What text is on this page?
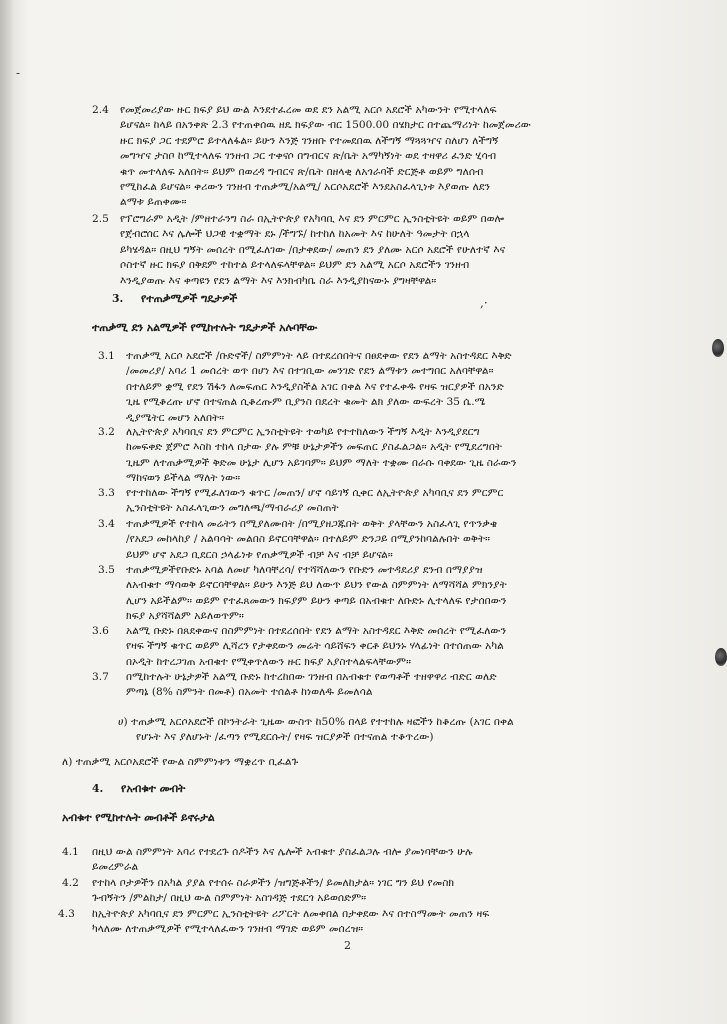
-
,·
2.4 የመጀመሪያው ዙር ክፍያ ይህ ውል እንደተፈረመ ወደ ደን አልሚ አርሶ አደሮች አካውንት የሚተላለፍ
ይሆናል። ከላይ በአንቀጽ 2.3 የተጠቀሰዉ ዘዴ ክፍያው ብር 1500.00 በሄክታር በተጨማሪነት ከመጀመሪው
ዙር ክፍያ ጋር ተደምሮ ይተላለፋል። ይሁን እንጅ ገንዘቡ የተመደበዉ ለችግኝ ማጓጓዣና ስለሆነ ለችግኝ
መግዣና ታስቦ ከሚተላለፍ ገንዘብ ጋር ተቀናሶ በግብርና ጽ/ቤት አማካኝነት ወደ ተዛዋሪ ፈንድ ሂሳብ
ቁጥ መተላለፍ አለበት። ይህም በወረዳ ግብርና ጽ/ቤት በዘላቂ ለአጎራባች ድርጅቶ ወይም ግለሰብ
የሚከፈል ይሆናል። ቀሪውን ገንዘብ ተጠቃሚ/አልሚ/ አርሶአደሮች እንደአስፈላጊነቱ እያወጡ ለደን
ልማቱ ይጠቀሙ።
2.5 የፕሮግራም አዲት /ምዘተራንግ ስራ በኢትዮጵያ የአካባቢ እና ደን ምርምር ኢንስቲትዩት ወይም በወሎ
የጀብሮሰር እና ሌሎች ህጋዊ ተቋማት ደኑ /ችግኙ/ ከተከለ ከአመት እና ከሁለት ዓመታት በኋላ
ይካሄዳል። በዚህ ግኝት መሰረት በሚፈለገው /በታቀደው/ መጠን ደን ያለሙ አርሶ አደሮች የሁለተኛ እና
ሶስተኛ ዙር ክፍያ በቅደም ተከተል ይተላለፍላቸዋል። ይህም ደን አልሚ አርሶ አደሮችን ገንዘብ
እንዲያወጡ እና ቀጣዩን የደን ልማት እና እንክብካቤ ስራ እንዲያከናውኑ ያግዛቸዋል።
3. የተጠቃሚዎች ግዴታዎች
ተጠቃሚ ደን አልሚዎች የሚከተሉት ግዴታዎች አሉባቸው
3.1 ተጠቃሚ አርሶ አደሮች /ቡድኖች/ ስምምነት ላይ በተደረሰበትና በፀደቀው የደን ልማት አስተዳደር እቅድ
/መመሪያ/ አባሪ 1 መሰረት ወጥ በሆነ እና በተገቢው መንገድ የደን ልማቱን መተግበር አለባቸዋል።
በተለይም ቋሚ የደን ሽፋን ለመፍጠር እንዲያስችል አገር በቀል እና የተፈቀዱ የዛፍ ዝርያዎች በአንድ
ጊዜ የሚቆረጡ ሆኖ በተናጠል ሲቆረጡም ቢያንስ በደረት ቁመት ልክ ያለው ውፍረት 35 ሴ.ሜ
ዲያሜትር መሆን አለበት።
3.2 ለኢትዮጵያ አካባቢና ደን ምርምር ኢንስቲትዩት ተወካይ የተተከለውን ችግኝ እዲት እንዲያደርግ
ከመፍቀድ ጀምሮ እስከ ተከላ በታው ያሉ ምቹ ሁኔታዎችን መፍጠር ያስፈልጋል። አዲት የሚደረግበት
ጊዜም ለተጠቃሚዎች ቅድመ ሁኔታ ሊሆን አይገባም። ይህም ማለት ተቋሙ በራሱ ባቀደው ጊዜ ስራውን
ማከናወን ይችላል ማለት ነው።
3.3 የተተከለው ችግኝ የሚፈለገውን ቁጥር /መጠን/ ሆኖ ሳይገኝ ሲቀር ለኢትዮጵያ አካባቢና ደን ምርምር
ኢንስቲትዩት አስፈላጊውን መግለጫ/ማብራሪያ መስጠት
3.4 ተጠቃሚዎች የተከላ መሬትን በሚያለሙበት /በሚያዘጋጁበት ወቅት ያላቸውን አስፈላጊ የጥንቃቄ
/የአደጋ መከላከያ / አልባሳት መልበስ ይኖርባቸዋል። በተለይም ድንጋይ በሚያንከባልሉበት ወቅት።
ይህም ሆኖ አደጋ ቢደርስ ኃላፊነቱ የጠቃሚዎች ብቻ እና ብቻ ይሆናል።
3.5 ተጠቃሚዎችየቡድኑ አባል ለመሆ ካለባቸረሳ/ የተሻሻለውን የቡድን መተዳደሪያ ደንብ በማያያዝ
ለአብቁተ ማሳወቅ ይኖርባቸዋል። ይሁን እንጅ ይህ ለውጥ ይህን የውል ስምምነት ለማሻሻል ምክንያት
ሊሆን አይችልም። ወይም የተፈጸመውን ክፍያም ይሁን ቀጣይ በአብቁተ ለቡድኑ ሊተላለፍ የታሰበውን
ክፍያ አያሻሻልም አይለወጥም።
3.6 አልሚ ቡድኑ በጸደቀውና በስምምነት በተደረሰበት የደን ልማት አስተዳደር እቅድ መሰረት የሚፈለውን
የዛፍ ችግኝ ቁጥር ወይም ሊሻረን የታቀደውን መሬት ሳይሸፍን ቀርቶ ይህንኑ ሃላፊነት በተሰጠው አካል
በኦዲት ከተረጋገጠ አብቁተ የሚቀጥለውን ዙር ክፍያ አያስተላልፍላቸውም።
3.7 በሚከተሉት ሁኔታዎች አልሚ ቡድኑ ከተረከበው ገንዘብ በአብቁተ የወጣቶች ተዘዋዋሪ ብድር ወለድ
ምጣኔ (8% ስምንት በመቶ) በአመት ተሰልቶ ከነወለዱ ይመለሳል
ሀ) ተጠቃሚ አርሶአደሮች በኮንትራት ጊዜው ውስጥ ከ50% በላይ የተተከሉ ዛፎችን ከቆረጡ (አገር በቀል
የሆኑት እና ያለሆኑት /ፈጣን የሚደርሱት/ የዛፍ ዝርያዎች በተናጠል ተቆጥረው)
ለ) ተጠቃሚ አርሶአደሮች የውል ስምምነቱን ማቋረጥ ቢፈልጉ
4. የአብቁተ መብት
አብቁተ የሚከተሉት መብቶች ይኖሩታል
4.1 በዚህ ውል ስምምነት አባሪ የተደረጉ ሰዶችን እና ሌሎች አብቁተ ያስፈልጋሉ ብሎ ያመነባቸውን ሁሉ
ይመረምራል
4.2 የተከላ ቦታዎችን በአካል ያያል የተሰሩ ስራዎችን /ዝግጅቶችን/ ይመለከታል። ነገር ግን ይህ የመስክ
ጉብኝትን /ምልከታ/ በዚህ ውል ስምምነት አስገዳጅ ተደርጎ አይወሰድም።
4.3 ከኢትዮጵያ አካባቢና ደን ምርምር ኢንስቲትዩት ሪፖርት ለመቀበል በታቀደው እና በተስማሙት መጠን ዛፍ
ካላለሙ ለተጠቃሚዎች የሚተላለፈውን ገንዘብ ማገድ ወይም መሰረዝ።
2
